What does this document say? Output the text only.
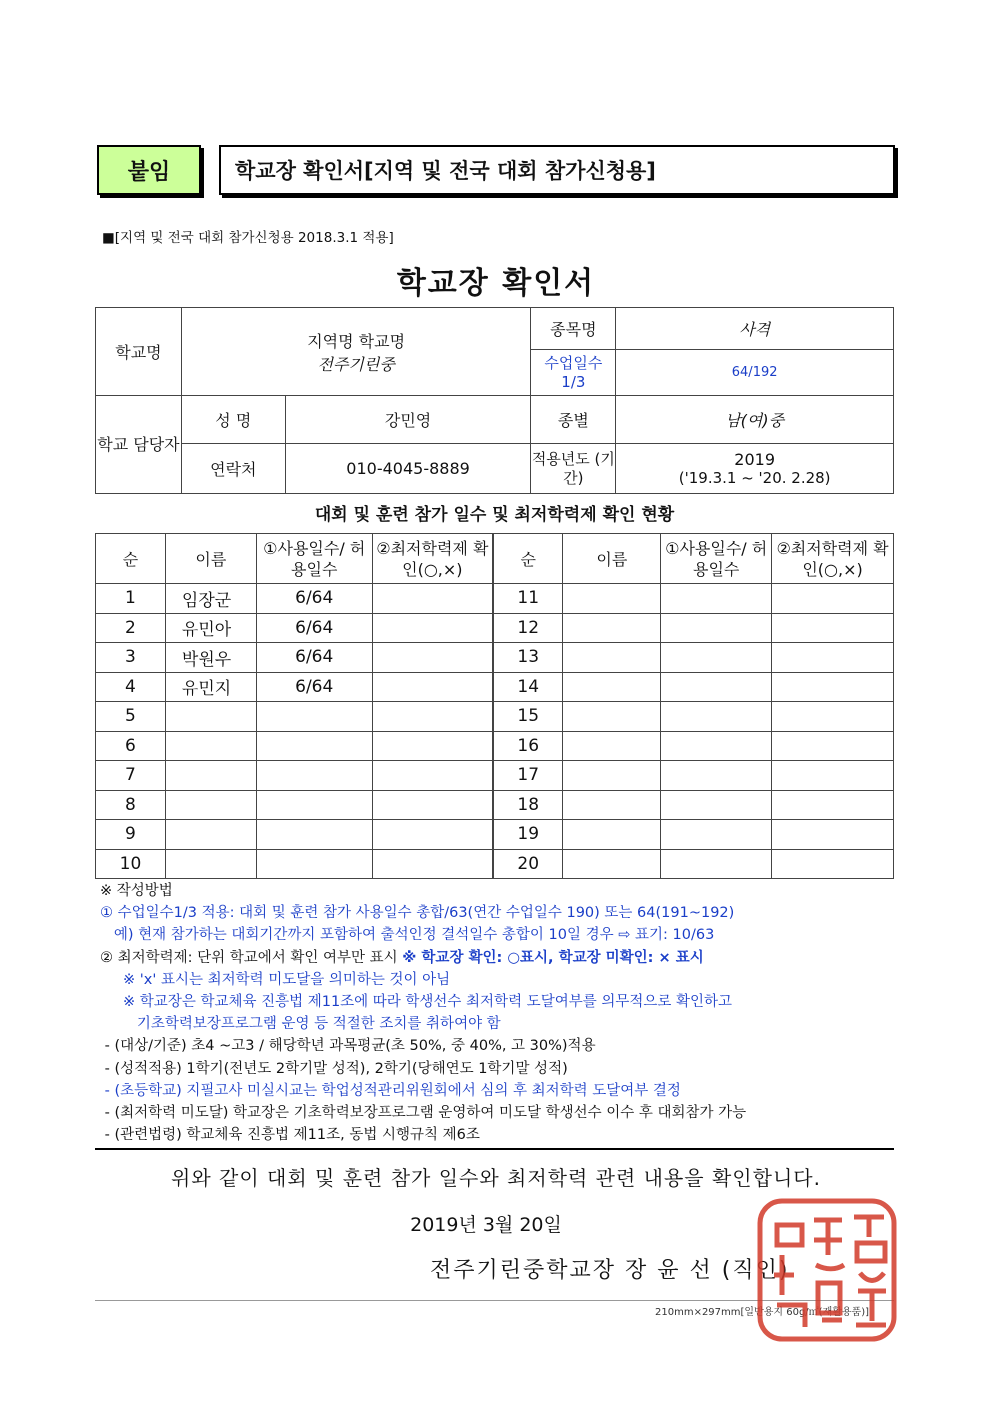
붙임	학교장 확인서[지역 및 전국 대회 참가신청용]
■[지역 및 전국 대회 참가신청용 2018.3.1 적용]
학교장 확인서
학교명	지역명 학교명
전주기린중		종목명	사격
			수업일수 1/3	64/192
학교 담당자	성 명	강민영	종별	남(여)중
	연락처	010-4045-8889	적용년도 (기간)	2019
('19.3.1 ~ '20. 2.28)
대회 및 훈련 참가 일수 및 최저학력제 확인 현황
순	이름	①사용일수/ 허용일수	②최저학력제 확인(○,×)	순	이름	①사용일수/ 허용일수	②최저학력제 확인(○,×)
1	임장군	6/64		11			
2	유민아	6/64		12			
3	박원우	6/64		13			
4	유민지	6/64		14			
5				15			
6				16			
7				17			
8				18			
9				19			
10				20			
※ 작성방법
① 수업일수1/3 적용: 대회 및 훈련 참가 사용일수 총합/63(연간 수업일수 190) 또는 64(191~192)
예) 현재 참가하는 대회기간까지 포함하여 출석인정 결석일수 총합이 10일 경우 ⇨ 표기: 10/63
② 최저학력제: 단위 학교에서 확인 여부만 표시 ※ 학교장 확인: ○표시, 학교장 미확인: × 표시
※ 'x' 표시는 최저학력 미도달을 의미하는 것이 아님
※ 학교장은 학교체육 진흥법 제11조에 따라 학생선수 최저학력 도달여부를 의무적으로 확인하고
기초학력보장프로그램 운영 등 적절한 조치를 취하여야 함
- (대상/기준) 초4 ~고3 / 해당학년 과목평균(초 50%, 중 40%, 고 30%)적용
- (성적적용) 1학기(전년도 2학기말 성적), 2학기(당해연도 1학기말 성적)
- (초등학교) 지필고사 미실시교는 학업성적관리위원회에서 심의 후 최저학력 도달여부 결정
- (최저학력 미도달) 학교장은 기초학력보장프로그램 운영하여 미도달 학생선수 이수 후 대회참가 가능
- (관련법령) 학교체육 진흥법 제11조, 동법 시행규칙 제6조
위와 같이 대회 및 훈련 참가 일수와 최저학력 관련 내용을 확인합니다.
2019년 3월 20일
전주기린중학교장 장 윤 선 (직인)
210mm×297mm[일반용지 60g/㎡(재활용품)]
